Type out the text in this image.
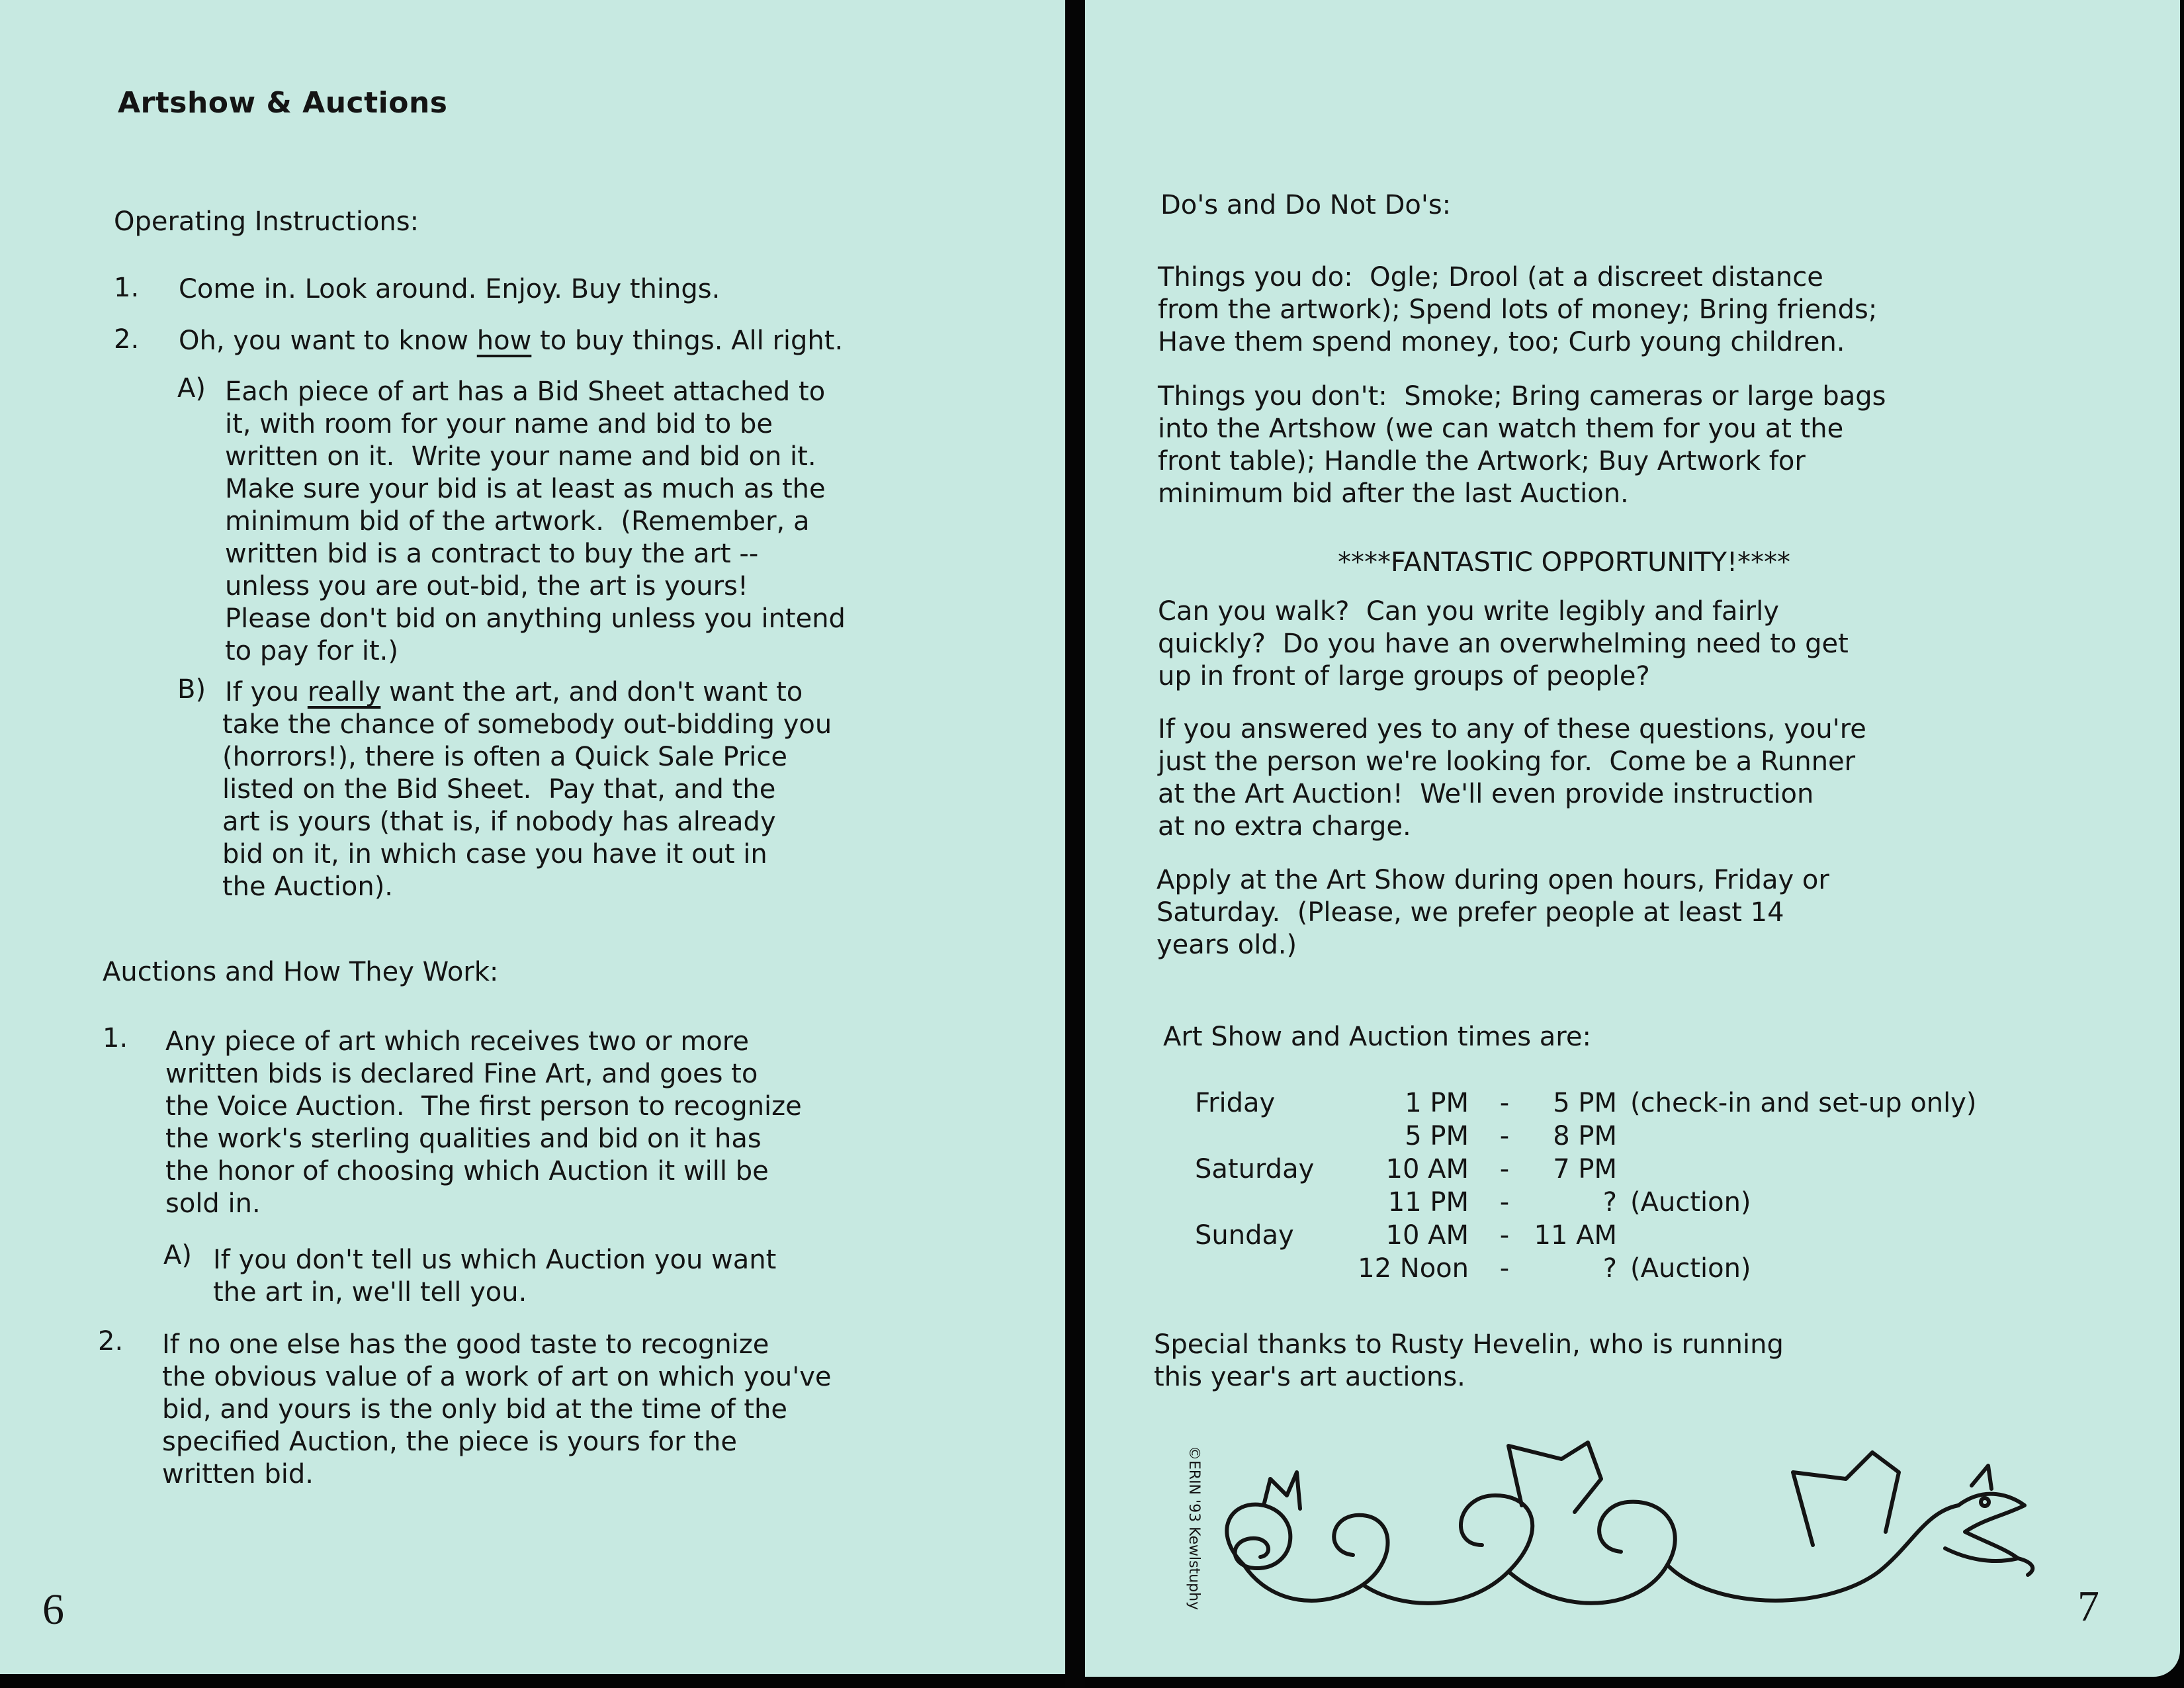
Artshow & Auctions
Operating Instructions:
1. Come in. Look around. Enjoy. Buy things.
2. Oh, you want to know how to buy things. All right.
A) Each piece of art has a Bid Sheet attached to
it, with room for your name and bid to be
written on it.  Write your name and bid on it.
Make sure your bid is at least as much as the
minimum bid of the artwork.  (Remember, a
written bid is a contract to buy the art --
unless you are out-bid, the art is yours!
Please don't bid on anything unless you intend
to pay for it.)
B) If you really want the art, and don't want to
take the chance of somebody out-bidding you
(horrors!), there is often a Quick Sale Price
listed on the Bid Sheet.  Pay that, and the
art is yours (that is, if nobody has already
bid on it, in which case you have it out in
the Auction).
Auctions and How They Work:
1. Any piece of art which receives two or more
written bids is declared Fine Art, and goes to
the Voice Auction.  The first person to recognize
the work's sterling qualities and bid on it has
the honor of choosing which Auction it will be
sold in.
A) If you don't tell us which Auction you want
the art in, we'll tell you.
2. If no one else has the good taste to recognize
the obvious value of a work of art on which you've
bid, and yours is the only bid at the time of the
specified Auction, the piece is yours for the
written bid.
6
Do's and Do Not Do's:
Things you do:  Ogle; Drool (at a discreet distance
from the artwork); Spend lots of money; Bring friends;
Have them spend money, too; Curb young children.
Things you don't:  Smoke; Bring cameras or large bags
into the Artshow (we can watch them for you at the
front table); Handle the Artwork; Buy Artwork for
minimum bid after the last Auction.
****FANTASTIC OPPORTUNITY!****
Can you walk?  Can you write legibly and fairly
quickly?  Do you have an overwhelming need to get
up in front of large groups of people?
If you answered yes to any of these questions, you're
just the person we're looking for.  Come be a Runner
at the Art Auction!  We'll even provide instruction
at no extra charge.
Apply at the Art Show during open hours, Friday or
Saturday.  (Please, we prefer people at least 14
years old.)
Art Show and Auction times are:
Friday	1 PM	-	5 PM	(check-in and set-up only)
	5 PM	-	8 PM	
Saturday	10 AM	-	7 PM	
	11 PM	-	?	(Auction)
Sunday	10 AM	-	11 AM	
	12 Noon	-	?	(Auction)
Special thanks to Rusty Hevelin, who is running
this year's art auctions.
©ERIN '93 Kewlstuphy	7
